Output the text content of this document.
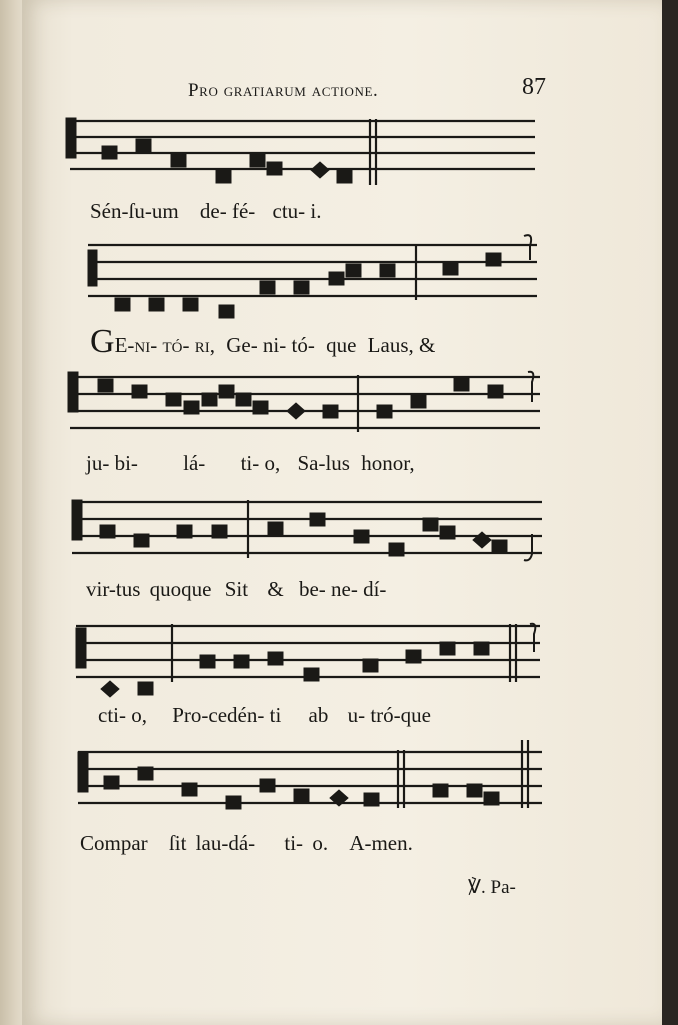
Pro gratiarum actione.	87
Sén-ſu-um de- fé- ctu- i.
GE-ni- tó- ri, Ge- ni- tó- que Laus, &
ju- bi- lá- ti- o, Sa-lus honor,
vir-tus quoque Sit & be- ne- dí-
cti- o, Pro-cedén- ti ab u- tró-que
Compar ſit lau-dá- ti- o. A-men.
℣. Pa-
